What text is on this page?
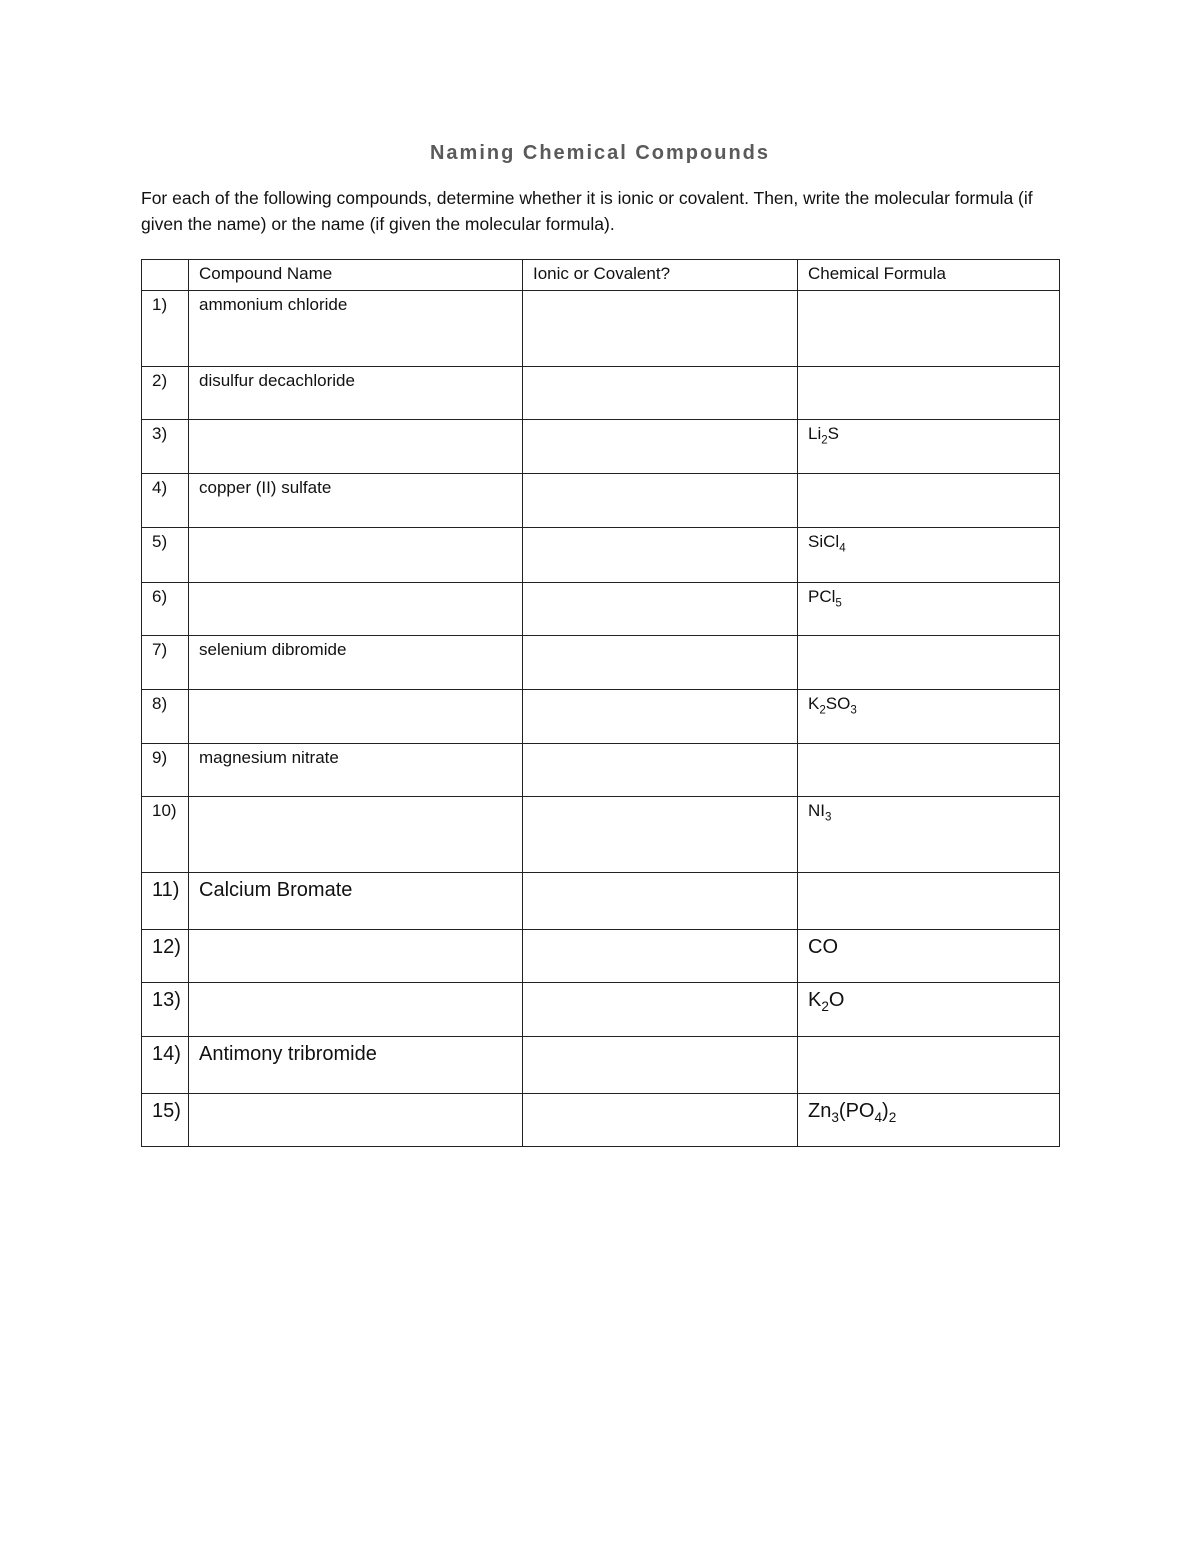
Naming Chemical Compounds
For each of the following compounds, determine whether it is ionic or covalent. Then, write the molecular formula (if given the name) or the name (if given the molecular formula).
	Compound Name	Ionic or Covalent?	Chemical Formula
1)	ammonium chloride		
2)	disulfur decachloride		
3)			$Li_2S$
4)	copper (II) sulfate		
5)			SiCl$_4$
6)			PCl$_5$
7)	selenium dibromide		
8)			$K_2SO_3$
9)	magnesium nitrate		
10)			$NI_3$
11)	Calcium Bromate		
12)			CO
13)			$K_2O$
14)	Antimony tribromide		
15)			$Zn_3(PO_4)_2$
